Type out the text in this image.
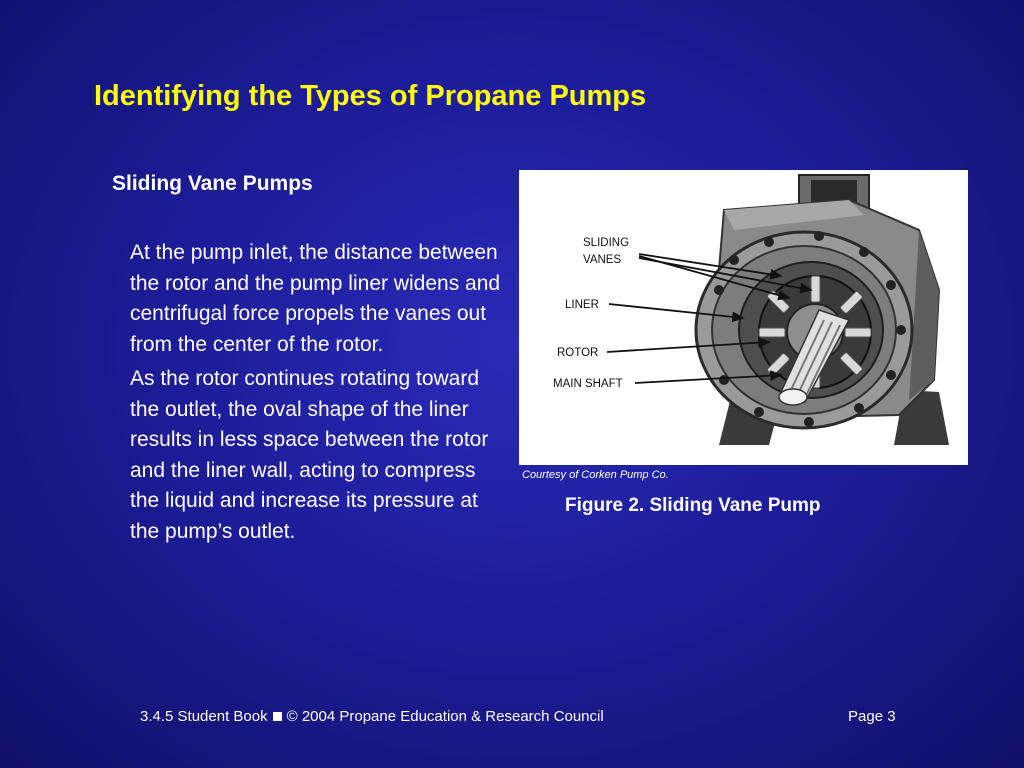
Identifying the Types of Propane Pumps
Sliding Vane Pumps

At the pump inlet, the distance between the rotor and the pump liner widens and centrifugal force propels the vanes out from the center of the rotor.

As the rotor continues rotating toward the outlet, the oval shape of the liner results in less space between the rotor and the liner wall, acting to compress the liquid and increase its pressure at the pump’s outlet.

SLIDING
VANES
LINER
ROTOR
MAIN SHAFT
Courtesy of Corken Pump Co.
Figure 2. Sliding Vane Pump
3.4.5 Student Book © 2004 Propane Education & Research Council	Page 3
